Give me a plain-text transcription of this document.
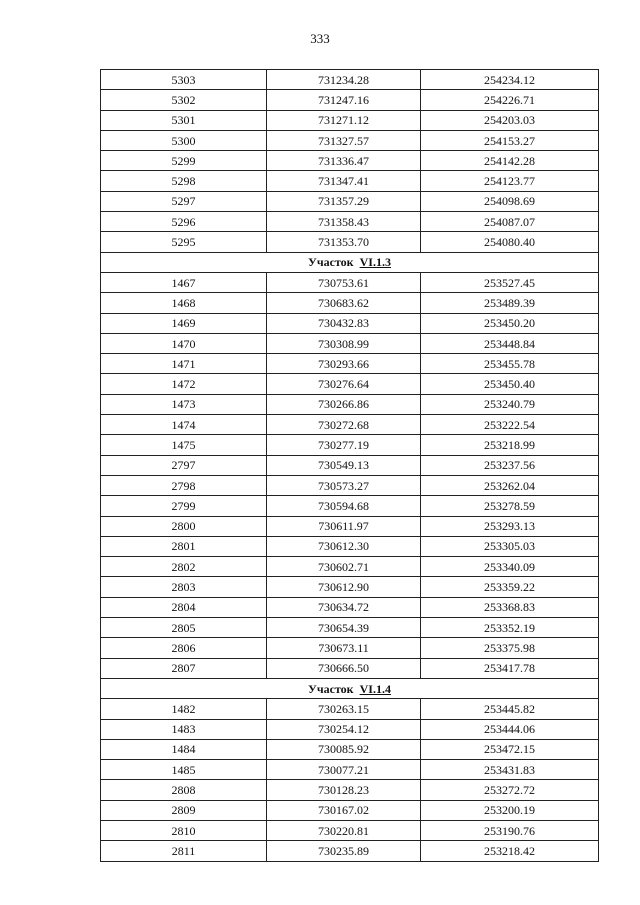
333
5303	731234.28	254234.12
5302	731247.16	254226.71
5301	731271.12	254203.03
5300	731327.57	254153.27
5299	731336.47	254142.28
5298	731347.41	254123.77
5297	731357.29	254098.69
5296	731358.43	254087.07
5295	731353.70	254080.40
Участок VI.1.3		
1467	730753.61	253527.45
1468	730683.62	253489.39
1469	730432.83	253450.20
1470	730308.99	253448.84
1471	730293.66	253455.78
1472	730276.64	253450.40
1473	730266.86	253240.79
1474	730272.68	253222.54
1475	730277.19	253218.99
2797	730549.13	253237.56
2798	730573.27	253262.04
2799	730594.68	253278.59
2800	730611.97	253293.13
2801	730612.30	253305.03
2802	730602.71	253340.09
2803	730612.90	253359.22
2804	730634.72	253368.83
2805	730654.39	253352.19
2806	730673.11	253375.98
2807	730666.50	253417.78
Участок VI.1.4		
1482	730263.15	253445.82
1483	730254.12	253444.06
1484	730085.92	253472.15
1485	730077.21	253431.83
2808	730128.23	253272.72
2809	730167.02	253200.19
2810	730220.81	253190.76
2811	730235.89	253218.42
